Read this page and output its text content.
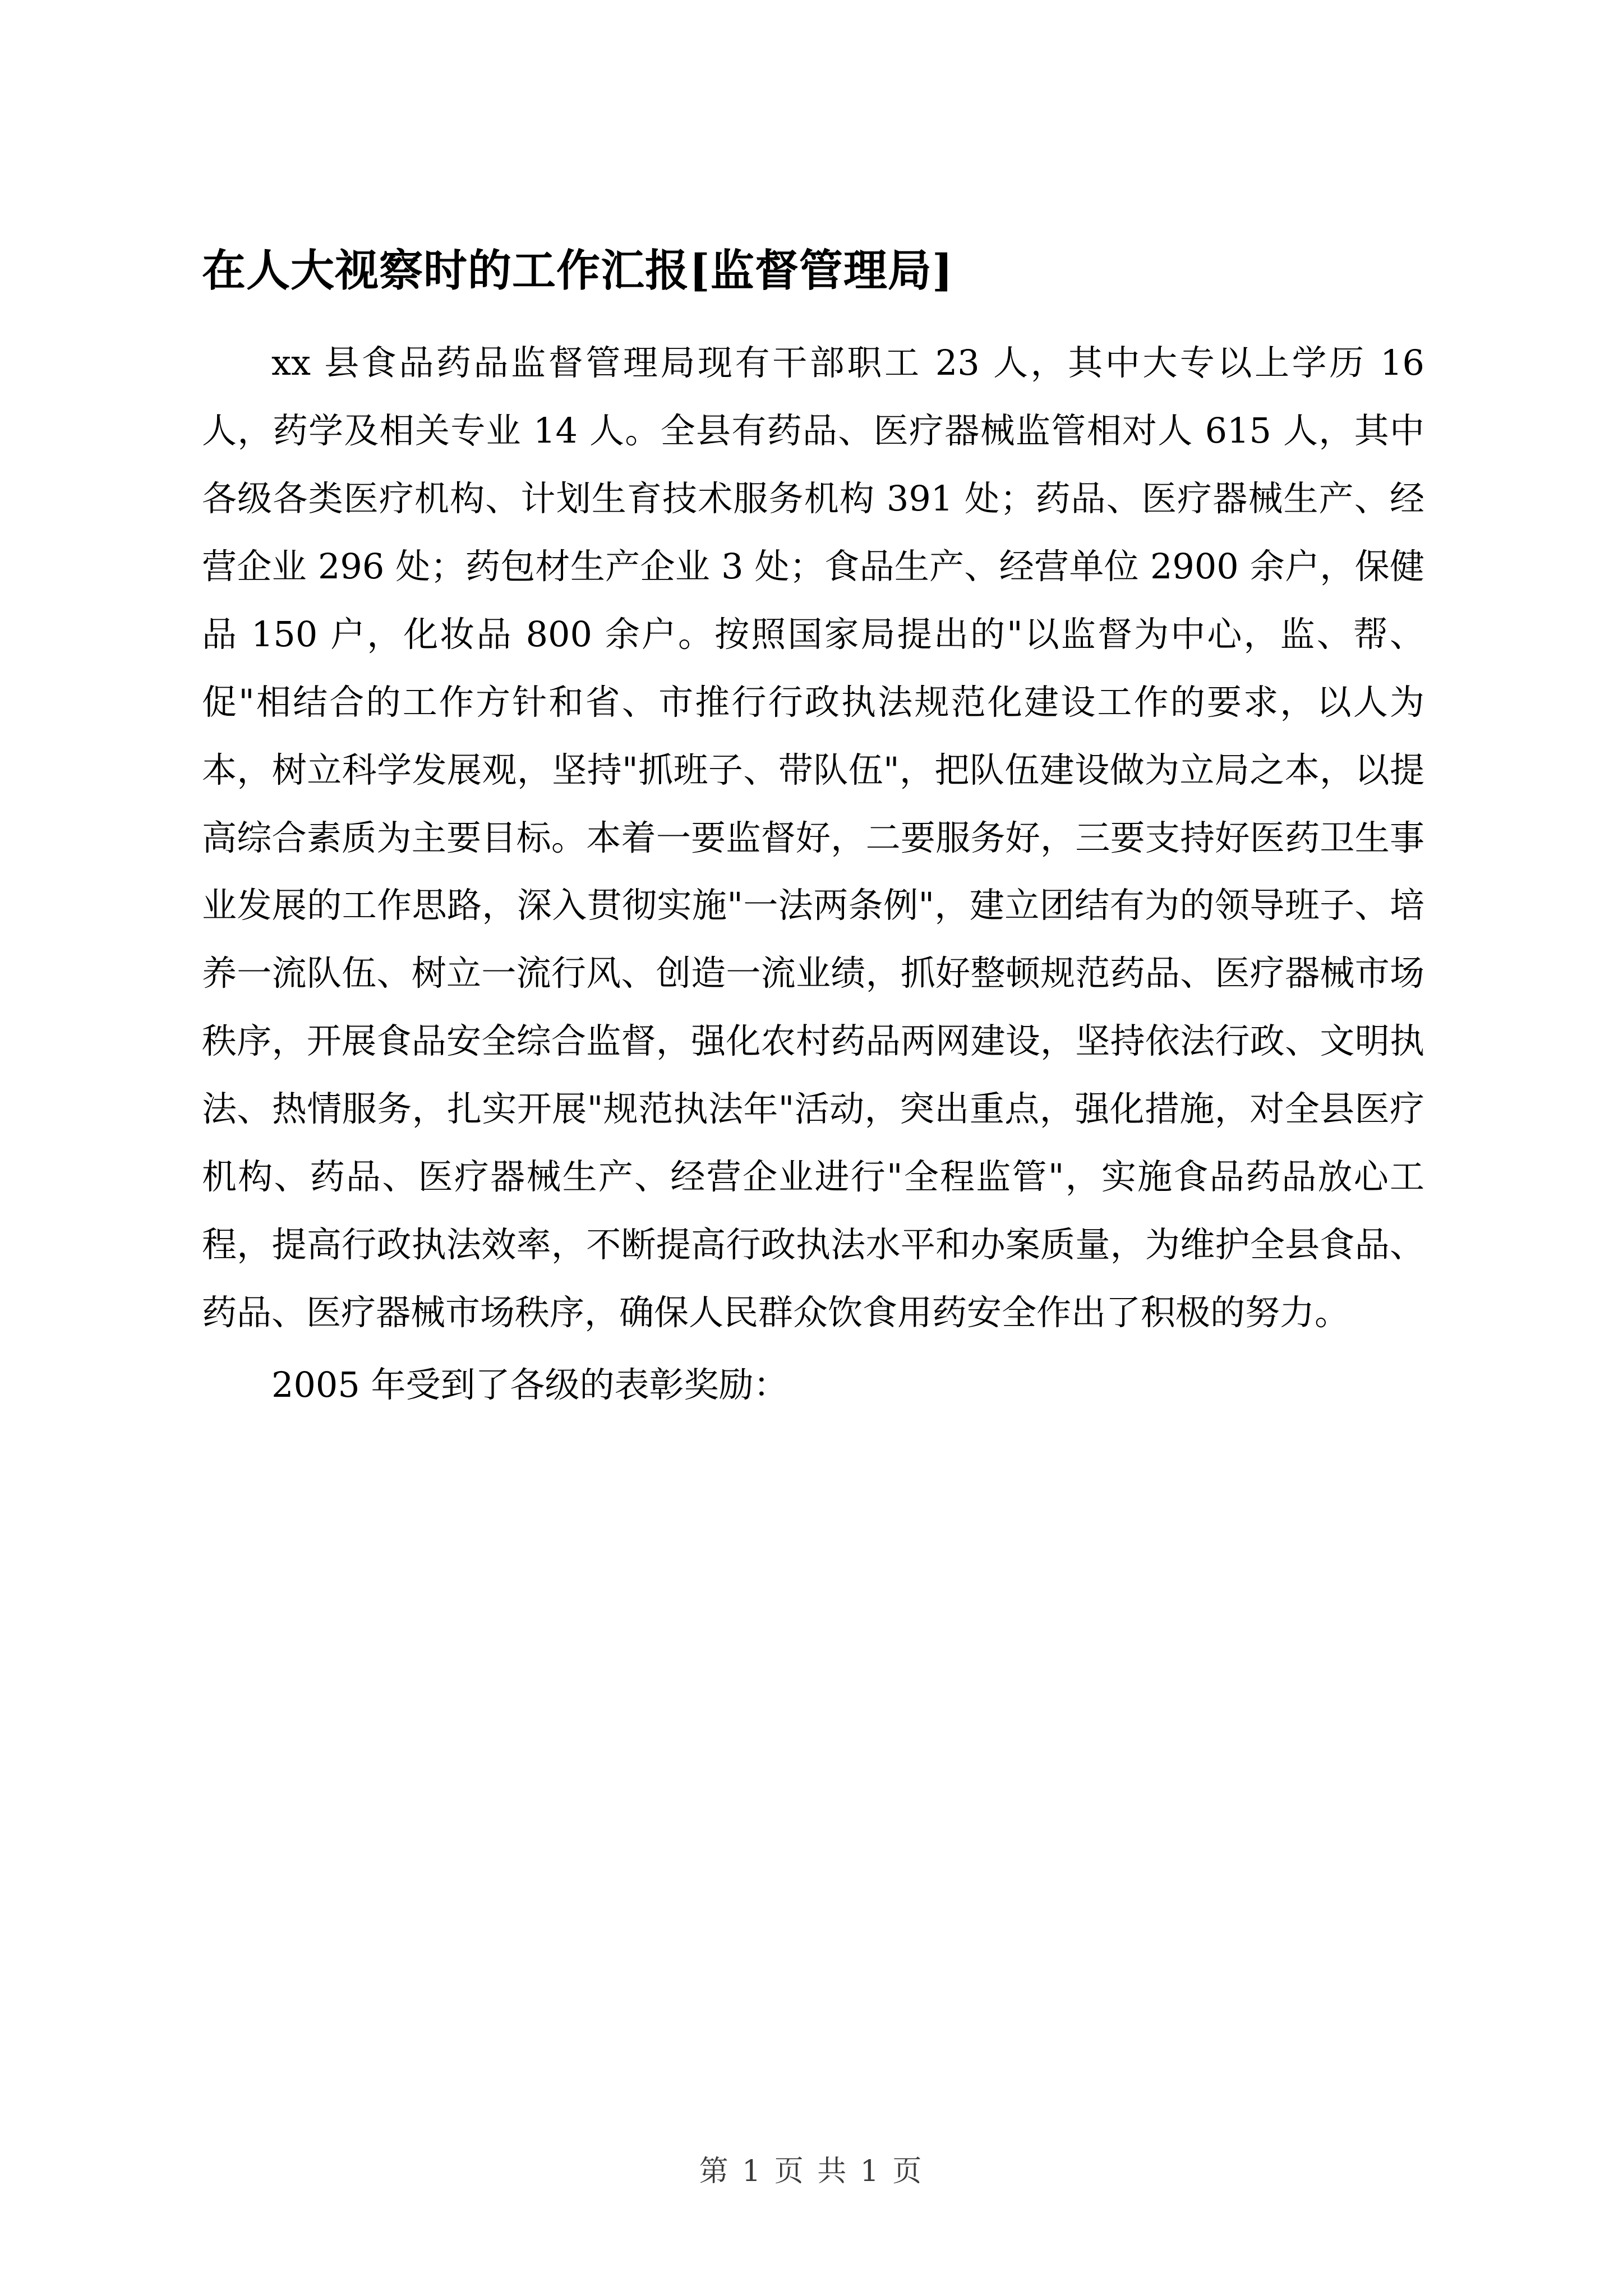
在人大视察时的工作汇报[监督管理局]

xx 县食品药品监督管理局现有干部职工 23 人，其中大专以上学历 16 人，药学及相关专业 14 人。全县有药品、医疗器械监管相对人 615 人，其中各级各类医疗机构、计划生育技术服务机构 391 处；药品、医疗器械生产、经营企业 296 处；药包材生产企业 3 处；食品生产、经营单位 2900 余户，保健品 150 户，化妆品 800 余户。按照国家局提出的"以监督为中心，监、帮、促"相结合的工作方针和省、市推行行政执法规范化建设工作的要求，以人为本，树立科学发展观，坚持"抓班子、带队伍"，把队伍建设做为立局之本，以提高综合素质为主要目标。本着一要监督好，二要服务好，三要支持好医药卫生事业发展的工作思路，深入贯彻实施"一法两条例"，建立团结有为的领导班子、培养一流队伍、树立一流行风、创造一流业绩，抓好整顿规范药品、医疗器械市场秩序，开展食品安全综合监督，强化农村药品两网建设，坚持依法行政、文明执法、热情服务，扎实开展"规范执法年"活动，突出重点，强化措施，对全县医疗机构、药品、医疗器械生产、经营企业进行"全程监管"，实施食品药品放心工程，提高行政执法效率，不断提高行政执法水平和办案质量，为维护全县食品、药品、医疗器械市场秩序，确保人民群众饮食用药安全作出了积极的努力。

2005 年受到了各级的表彰奖励：

第 1 页 共 1 页
